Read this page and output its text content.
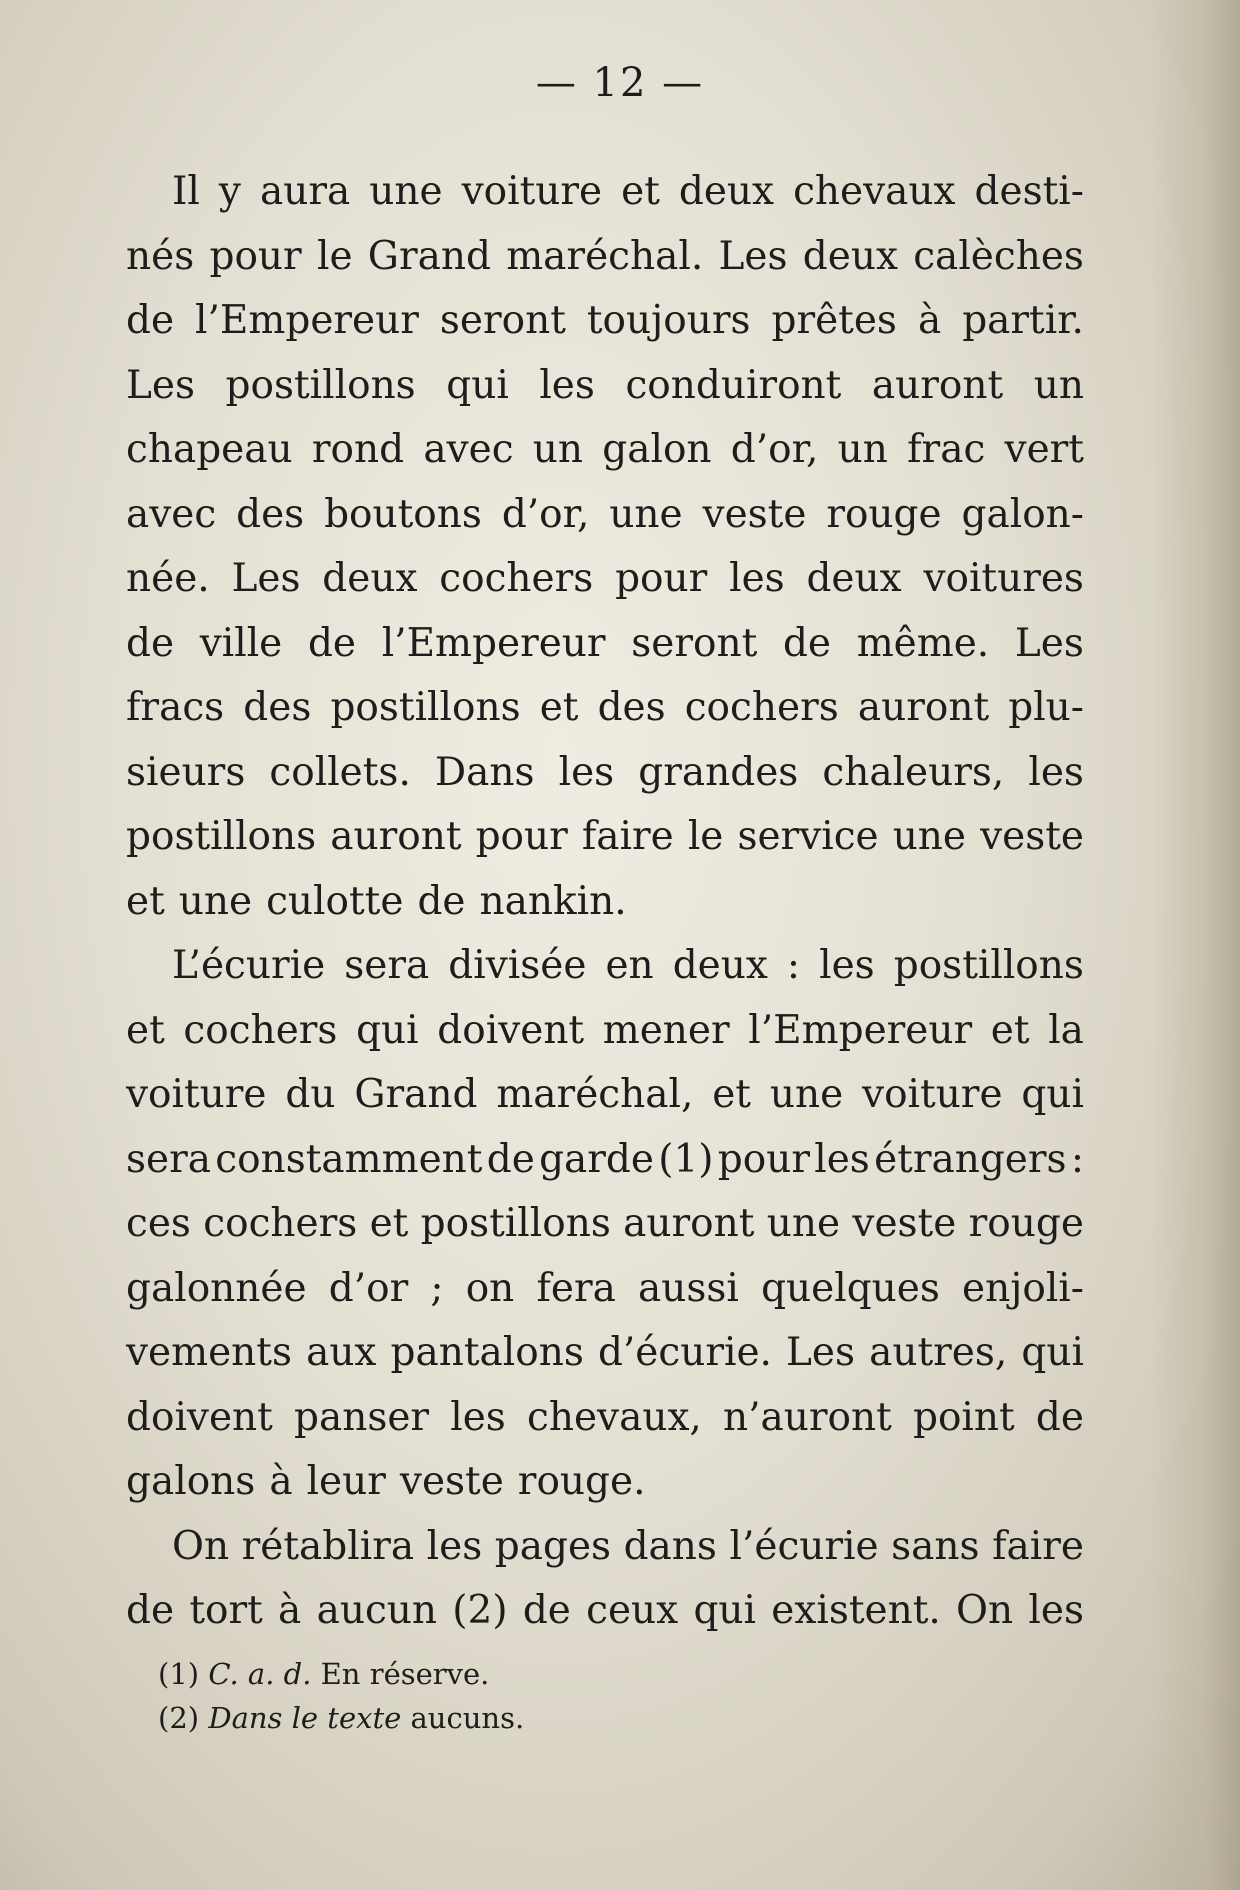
— 12 —
Il y aura une voiture et deux chevaux desti-
nés pour le Grand maréchal. Les deux calèches
de l’Empereur seront toujours prêtes à partir.
Les postillons qui les conduiront auront un
chapeau rond avec un galon d’or, un frac vert
avec des boutons d’or, une veste rouge galon-
née. Les deux cochers pour les deux voitures
de ville de l’Empereur seront de même. Les
fracs des postillons et des cochers auront plu-
sieurs collets. Dans les grandes chaleurs, les
postillons auront pour faire le service une veste
et une culotte de nankin.
L’écurie sera divisée en deux : les postillons
et cochers qui doivent mener l’Empereur et la
voiture du Grand maréchal, et une voiture qui
sera constamment de garde (1) pour les étrangers :
ces cochers et postillons auront une veste rouge
galonnée d’or ; on fera aussi quelques enjoli-
vements aux pantalons d’écurie. Les autres, qui
doivent panser les chevaux, n’auront point de
galons à leur veste rouge.
On rétablira les pages dans l’écurie sans faire
de tort à aucun (2) de ceux qui existent. On les
(1) C. a. d. En réserve.
(2) Dans le texte aucuns.
